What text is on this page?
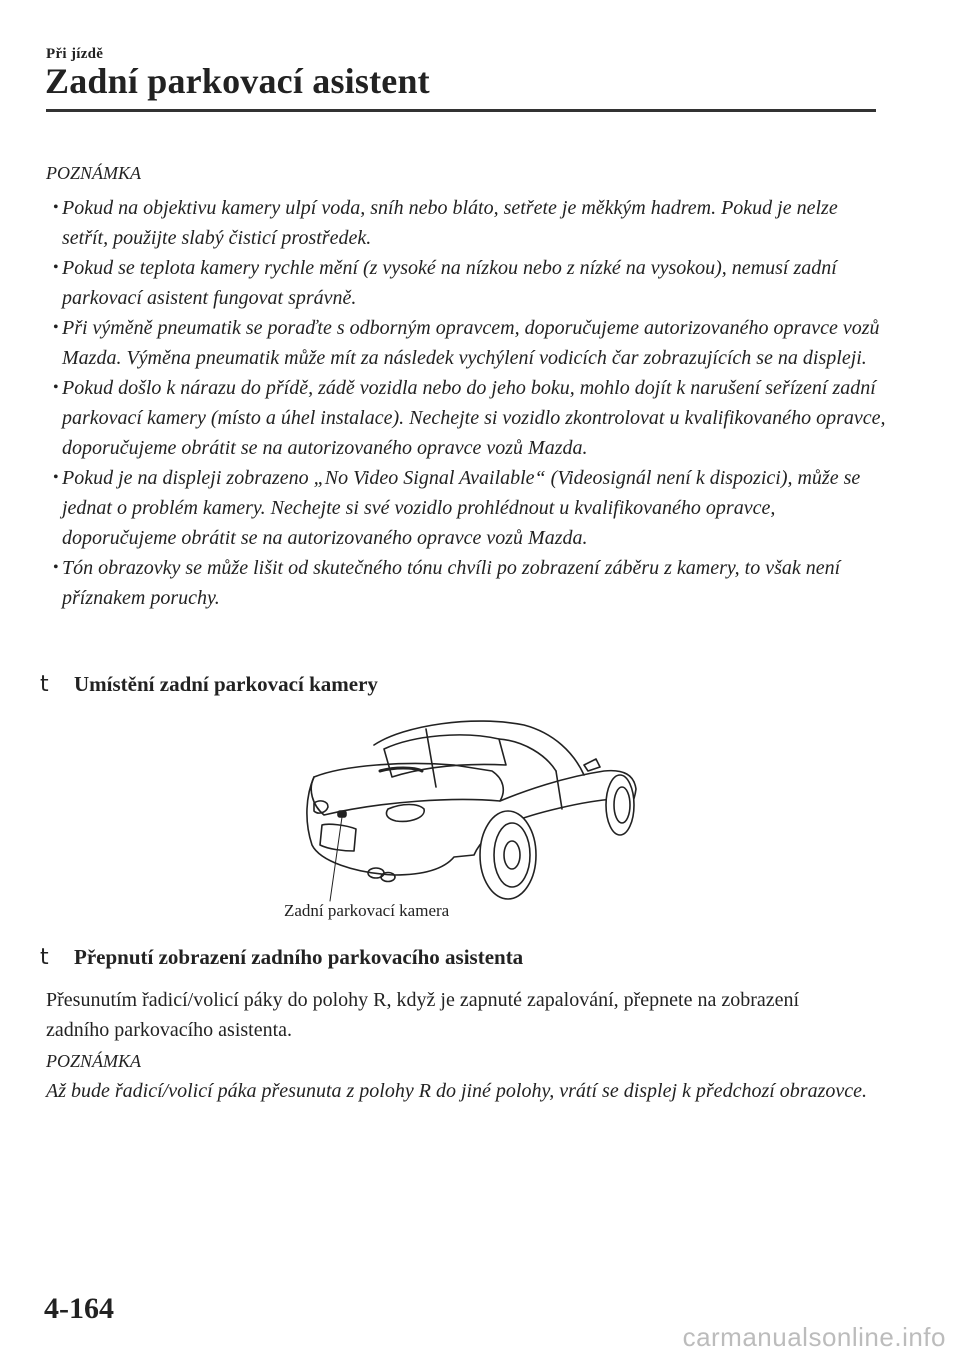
Při jízdě
Zadní parkovací asistent
POZNÁMKA
• Pokud na objektivu kamery ulpí voda, sníh nebo bláto, setřete je měkkým hadrem. Pokud je nelze setřít, použijte slabý čisticí prostředek.
• Pokud se teplota kamery rychle mění (z vysoké na nízkou nebo z nízké na vysokou), nemusí zadní parkovací asistent fungovat správně.
• Při výměně pneumatik se poraďte s odborným opravcem, doporučujeme autorizovaného opravce vozů Mazda. Výměna pneumatik může mít za následek vychýlení vodicích čar zobrazujících se na displeji.
• Pokud došlo k nárazu do přídě, zádě vozidla nebo do jeho boku, mohlo dojít k narušení seřízení zadní parkovací kamery (místo a úhel instalace). Nechejte si vozidlo zkontrolovat u kvalifikovaného opravce, doporučujeme obrátit se na autorizovaného opravce vozů Mazda.
• Pokud je na displeji zobrazeno „No Video Signal Available“ (Videosignál není k dispozici), může se jednat o problém kamery. Nechejte si své vozidlo prohlédnout u kvalifikovaného opravce, doporučujeme obrátit se na autorizovaného opravce vozů Mazda.
• Tón obrazovky se může lišit od skutečného tónu chvíli po zobrazení záběru z kamery, to však není příznakem poruchy.
t	Umístění zadní parkovací kamery
Zadní parkovací kamera
t	Přepnutí zobrazení zadního parkovacího asistenta

Přesunutím řadicí/volicí páky do polohy R, když je zapnuté zapalování, přepnete na zobrazení zadního parkovacího asistenta.

POZNÁMKA

Až bude řadicí/volicí páka přesunuta z polohy R do jiné polohy, vrátí se displej k předchozí obrazovce.

4-164
carmanualsonline.info
